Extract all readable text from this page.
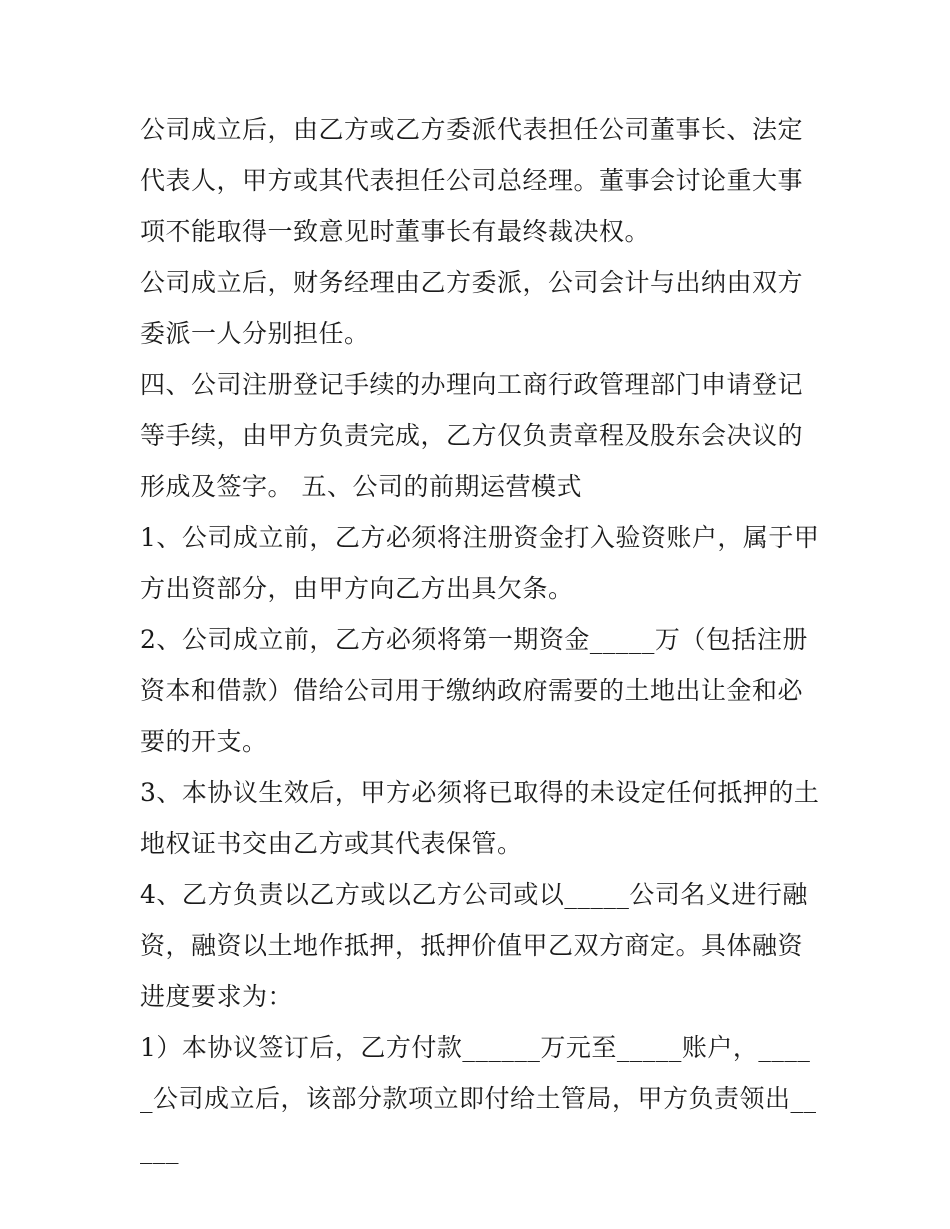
公司成立后，由乙方或乙方委派代表担任公司董事长、法定代表人，甲方或其代表担任公司总经理。董事会讨论重大事项不能取得一致意见时董事长有最终裁决权。

公司成立后，财务经理由乙方委派，公司会计与出纳由双方委派一人分别担任。

四、公司注册登记手续的办理向工商行政管理部门申请登记等手续，由甲方负责完成，乙方仅负责章程及股东会决议的形成及签字。 五、公司的前期运营模式

1、公司成立前，乙方必须将注册资金打入验资账户，属于甲方出资部分，由甲方向乙方出具欠条。

2、公司成立前，乙方必须将第一期资金_____万（包括注册资本和借款）借给公司用于缴纳政府需要的土地出让金和必要的开支。

3、本协议生效后，甲方必须将已取得的未设定任何抵押的土地权证书交由乙方或其代表保管。

4、乙方负责以乙方或以乙方公司或以_____公司名义进行融资，融资以土地作抵押，抵押价值甲乙双方商定。具体融资进度要求为：

1）本协议签订后，乙方付款______万元至_____账户，_____公司成立后，该部分款项立即付给土管局，甲方负责领出_____
